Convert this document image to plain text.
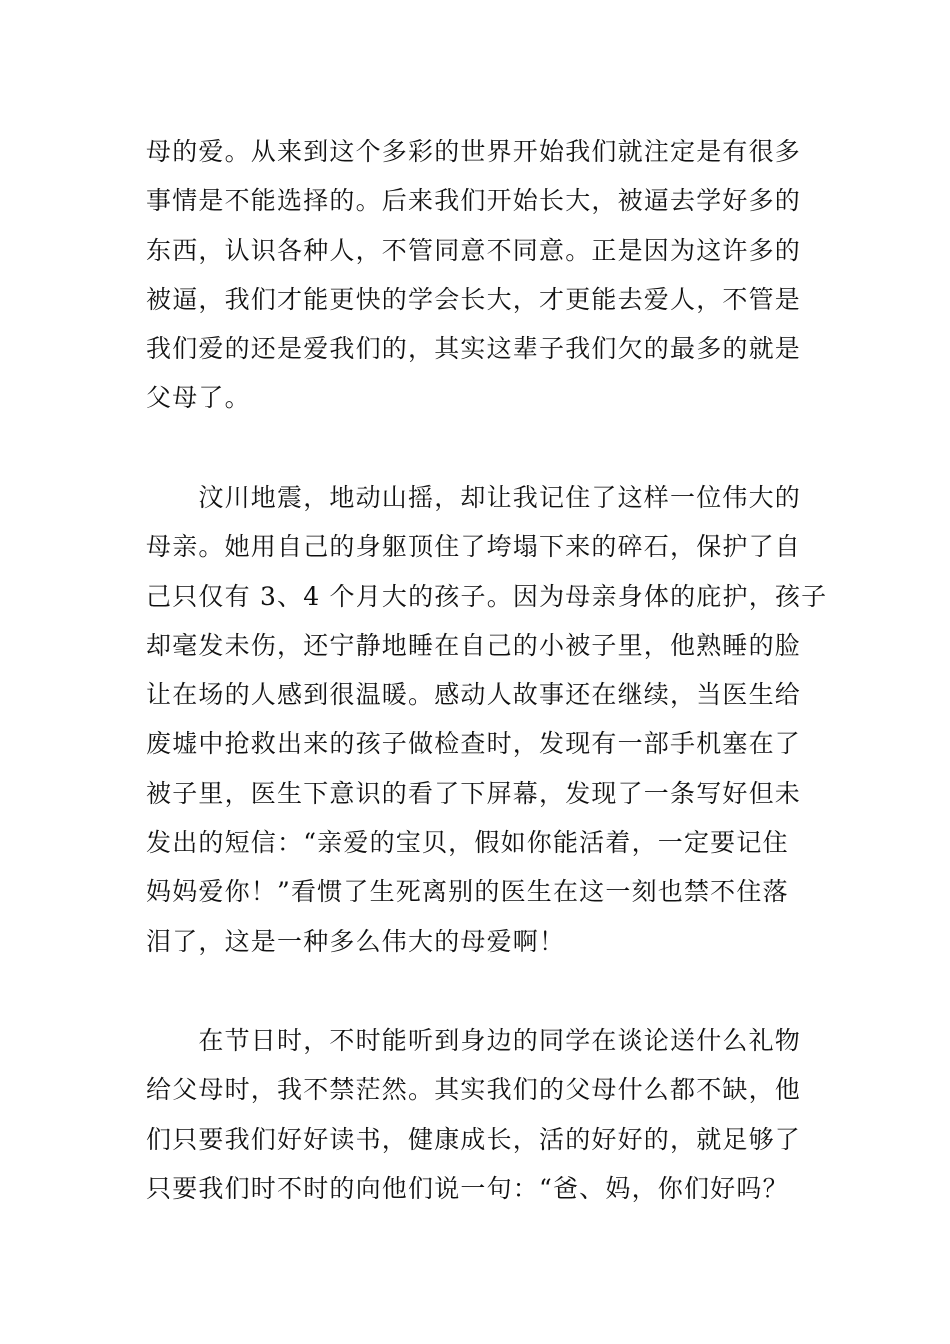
母的爱。从来到这个多彩的世界开始我们就注定是有很多
事情是不能选择的。后来我们开始长大，被逼去学好多的
东西，认识各种人，不管同意不同意。正是因为这许多的
被逼，我们才能更快的学会长大，才更能去爱人，不管是
我们爱的还是爱我们的，其实这辈子我们欠的最多的就是
父母了。
　　汶川地震，地动山摇，却让我记住了这样一位伟大的
母亲。她用自己的身躯顶住了垮塌下来的碎石，保护了自
己只仅有 3、4 个月大的孩子。因为母亲身体的庇护，孩子
却毫发未伤，还宁静地睡在自己的小被子里，他熟睡的脸
让在场的人感到很温暖。感动人故事还在继续，当医生给
废墟中抢救出来的孩子做检查时，发现有一部手机塞在了
被子里，医生下意识的看了下屏幕，发现了一条写好但未
发出的短信：“亲爱的宝贝，假如你能活着，一定要记住
妈妈爱你！”看惯了生死离别的医生在这一刻也禁不住落
泪了，这是一种多么伟大的母爱啊！
　　在节日时，不时能听到身边的同学在谈论送什么礼物
给父母时，我不禁茫然。其实我们的父母什么都不缺，他
们只要我们好好读书，健康成长，活的好好的，就足够了
只要我们时不时的向他们说一句：“爸、妈，你们好吗？
